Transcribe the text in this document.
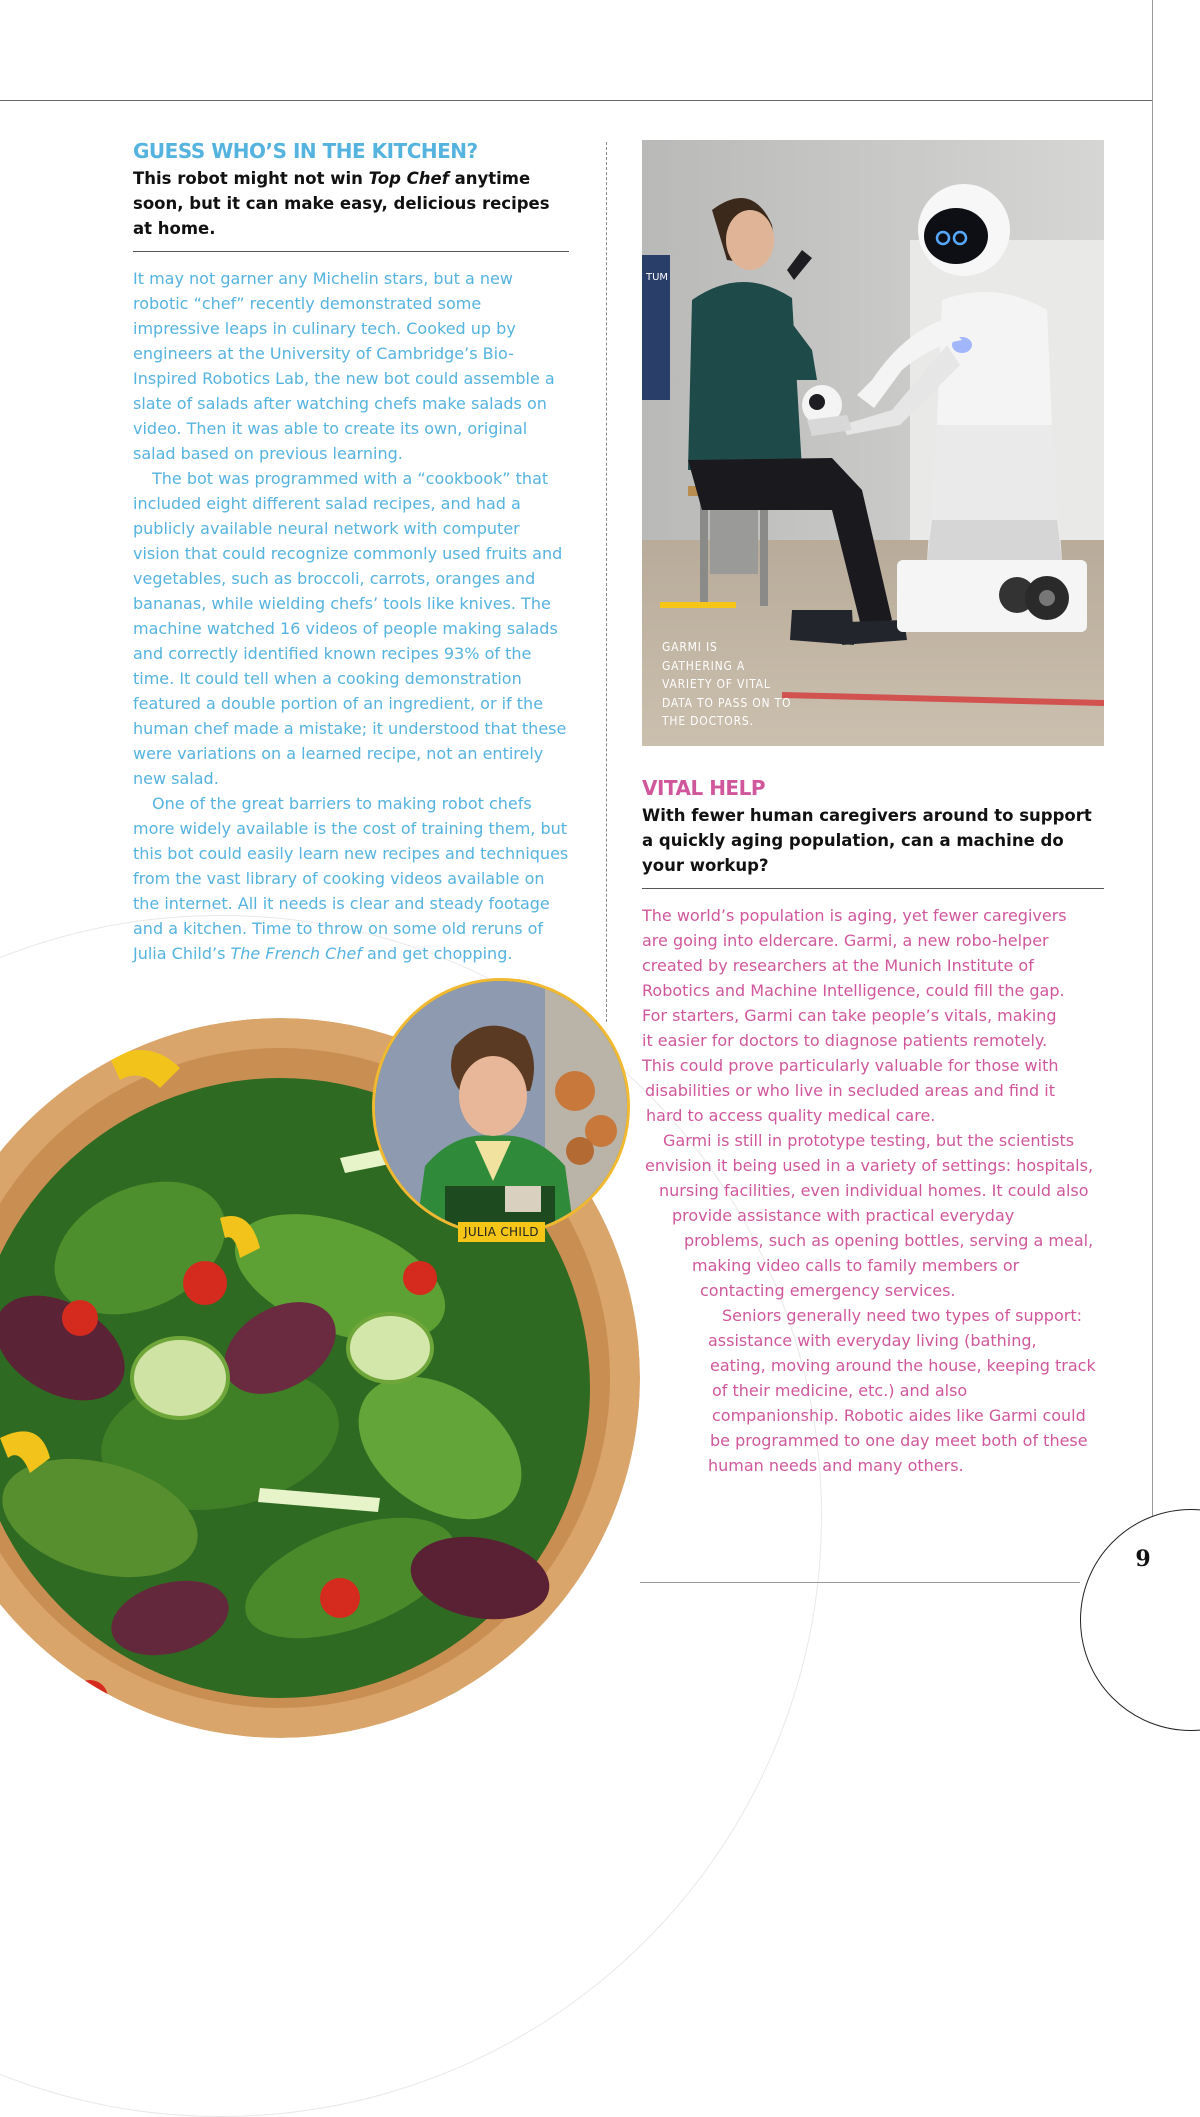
GUESS WHO’S IN THE KITCHEN?

This robot might not win Top Chef anytime soon, but it can make easy, delicious recipes at home.

It may not garner any Michelin stars, but a new robotic “chef” recently demonstrated some impressive leaps in culinary tech. Cooked up by engineers at the University of Cambridge’s Bio-Inspired Robotics Lab, the new bot could assemble a slate of salads after watching chefs make salads on video. Then it was able to create its own, original salad based on previous learning.

The bot was programmed with a “cookbook” that included eight different salad recipes, and had a publicly available neural network with computer vision that could recognize commonly used fruits and vegetables, such as broccoli, carrots, oranges and bananas, while wielding chefs’ tools like knives. The machine watched 16 videos of people making salads and correctly identified known recipes 93% of the time. It could tell when a cooking demonstration featured a double portion of an ingredient, or if the human chef made a mistake; it understood that these were variations on a learned recipe, not an entirely new salad.

One of the great barriers to making robot chefs more widely available is the cost of training them, but this bot could easily learn new recipes and techniques from the vast library of cooking videos available on the internet. All it needs is clear and steady footage and a kitchen. Time to throw on some old reruns of Julia Child’s The French Chef and get chopping.

TUM

GARMI IS GATHERING A VARIETY OF VITAL DATA TO PASS ON TO THE DOCTORS.

VITAL HELP

With fewer human caregivers around to support a quickly aging population, can a machine do your workup?

The world’s population is aging, yet fewer caregivers

are going into eldercare. Garmi, a new robo-helper

created by researchers at the Munich Institute of

Robotics and Machine Intelligence, could fill the gap.

For starters, Garmi can take people’s vitals, making

it easier for doctors to diagnose patients remotely.

This could prove particularly valuable for those with

disabilities or who live in secluded areas and find it

hard to access quality medical care.

Garmi is still in prototype testing, but the scientists

envision it being used in a variety of settings: hospitals,

nursing facilities, even individual homes. It could also

provide assistance with practical everyday

problems, such as opening bottles, serving a meal,

making video calls to family members or

contacting emergency services.

Seniors generally need two types of support:

assistance with everyday living (bathing,

eating, moving around the house, keeping track

of their medicine, etc.) and also

companionship. Robotic aides like Garmi could

be programmed to one day meet both of these

human needs and many others.

JULIA CHILD
9
